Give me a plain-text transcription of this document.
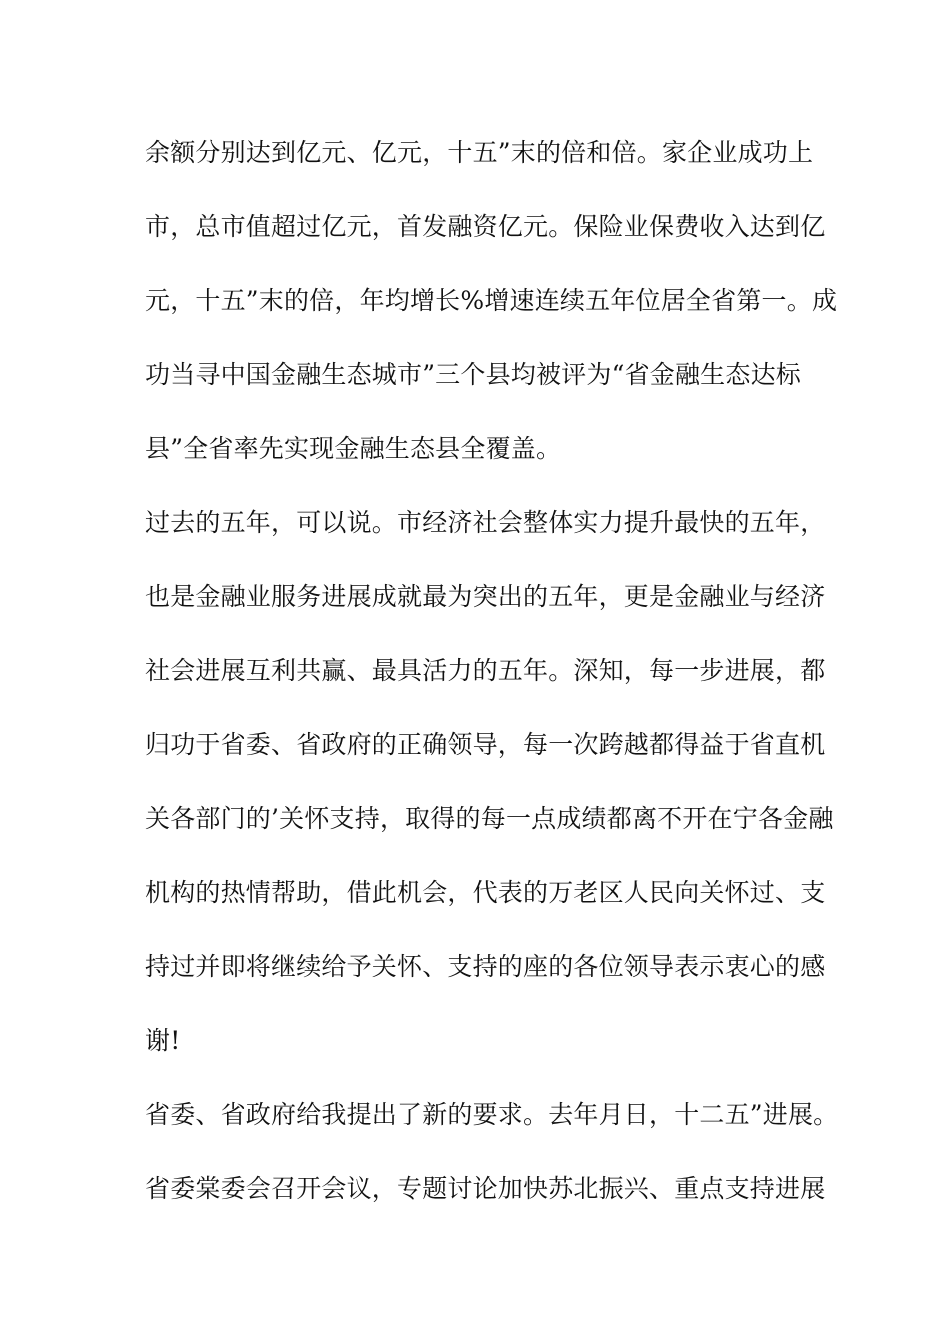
余额分别达到亿元、亿元，十五”末的倍和倍。家企业成功上

市，总市值超过亿元，首发融资亿元。保险业保费收入达到亿

元，十五”末的倍，年均增长%增速连续五年位居全省第一。成

功当寻中国金融生态城市”三个县均被评为“省金融生态达标

县”全省率先实现金融生态县全覆盖。

过去的五年，可以说。市经济社会整体实力提升最快的五年，

也是金融业服务进展成就最为突出的五年，更是金融业与经济

社会进展互利共赢、最具活力的五年。深知，每一步进展，都

归功于省委、省政府的正确领导，每一次跨越都得益于省直机

关各部门的’关怀支持，取得的每一点成绩都离不开在宁各金融

机构的热情帮助，借此机会，代表的万老区人民向关怀过、支

持过并即将继续给予关怀、支持的座的各位领导表示衷心的感

谢!

省委、省政府给我提出了新的要求。去年月日，十二五”进展。

省委棠委会召开会议，专题讨论加快苏北振兴、重点支持进展
